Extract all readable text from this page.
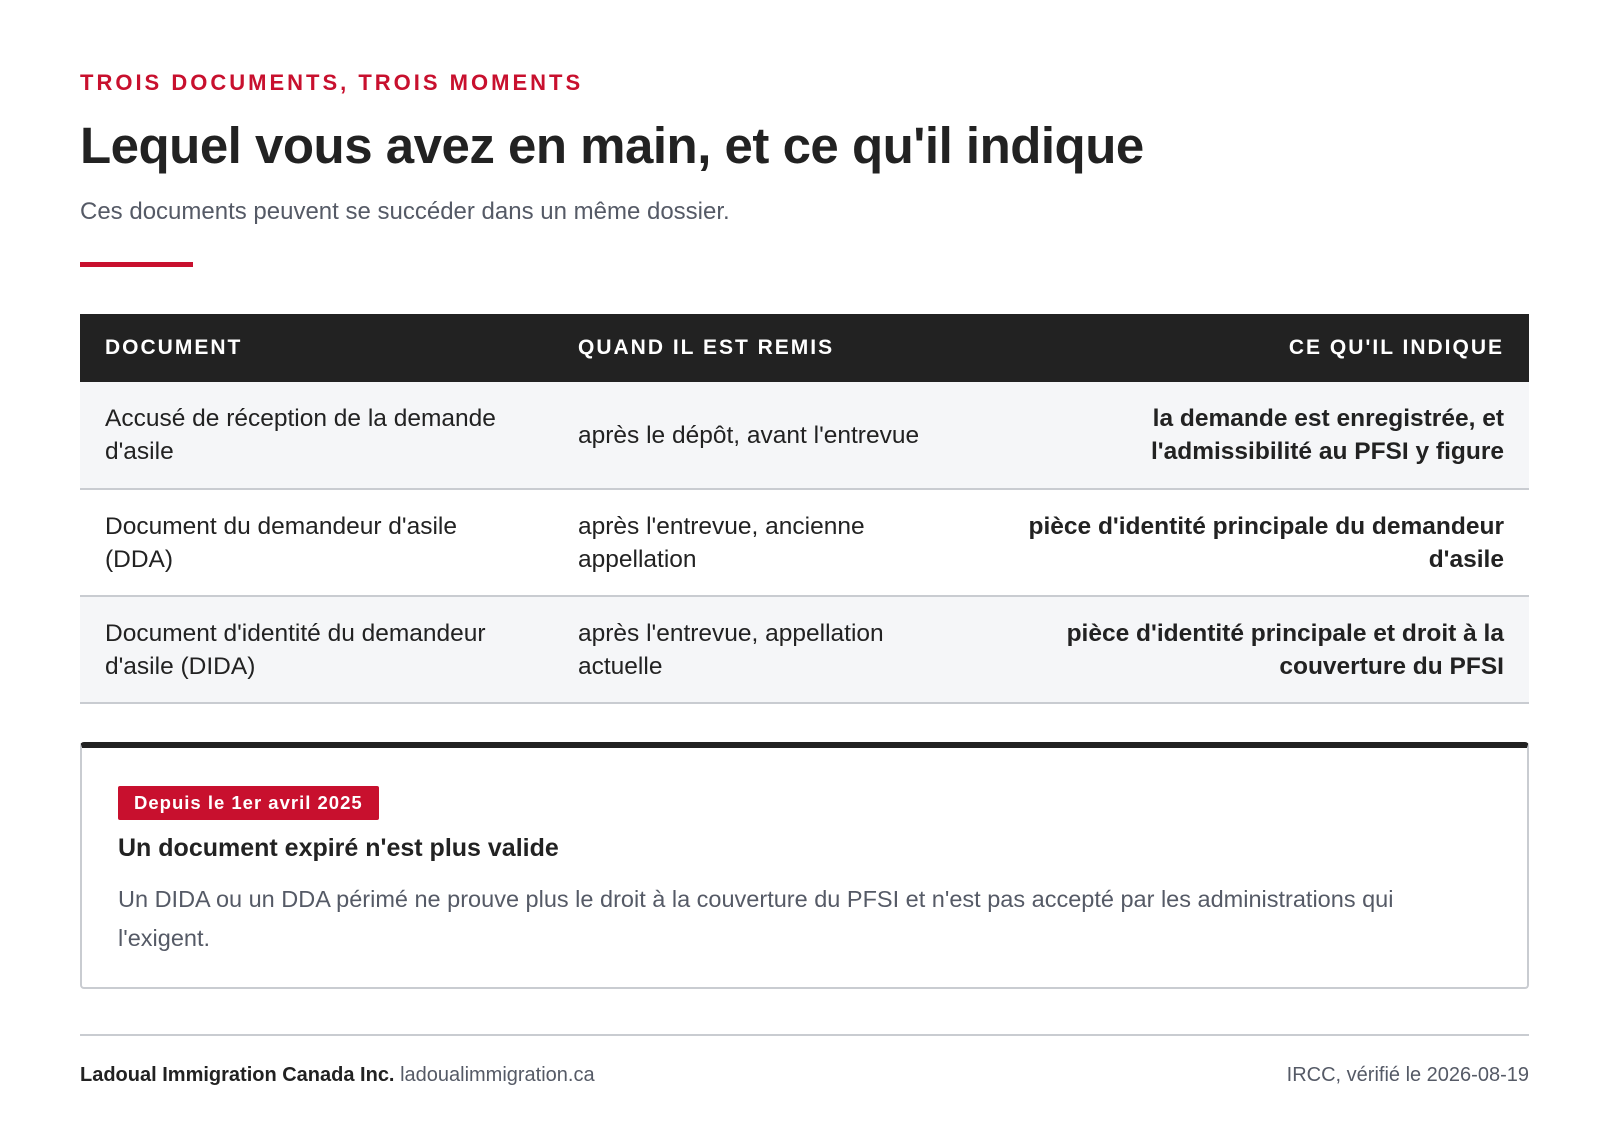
TROIS DOCUMENTS, TROIS MOMENTS
Lequel vous avez en main, et ce qu'il indique

Ces documents peuvent se succéder dans un même dossier.

DOCUMENT	QUAND IL EST REMIS	CE QU'IL INDIQUE
Accusé de réception de la demande d'asile	après le dépôt, avant l'entrevue	la demande est enregistrée, et l'admissibilité au PFSI y figure
Document du demandeur d'asile (DDA)	après l'entrevue, ancienne appellation	pièce d'identité principale du demandeur d'asile
Document d'identité du demandeur d'asile (DIDA)	après l'entrevue, appellation actuelle	pièce d'identité principale et droit à la couverture du PFSI
Depuis le 1er avril 2025
Un document expiré n'est plus valide

Un DIDA ou un DDA périmé ne prouve plus le droit à la couverture du PFSI et n'est pas accepté par les administrations qui l'exigent.

Ladoual Immigration Canada Inc. ladoualimmigration.ca	IRCC, vérifié le 2026-08-19
